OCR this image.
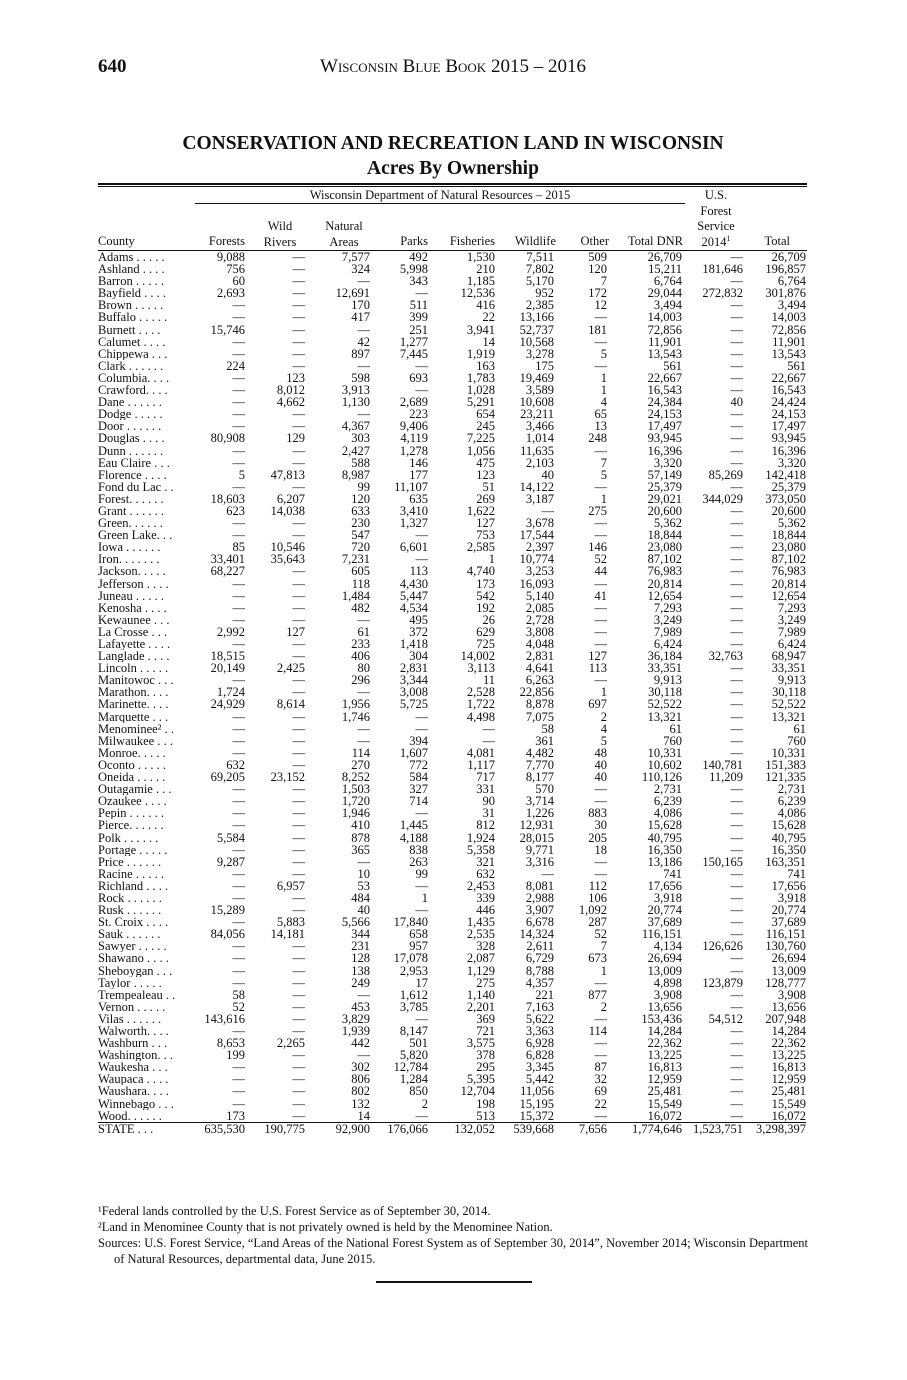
640	Wisconsin Blue Book 2015 – 2016
CONSERVATION AND RECREATION LAND IN WISCONSIN
Acres By Ownership
Wisconsin Department of Natural Resources – 2015
County	Forests
Wild
Rivers
Natural
Areas	Parks	Fisheries	Wildlife	Other	Total DNR
U.S.
Forest
Service
2014$^1$	Total
Adams . . . . .	9,088	—	7,577	492	1,530	7,511	509	26,709	—	26,709
Ashland . . . .	756	—	324	5,998	210	7,802	120	15,211	181,646	196,857
Barron . . . . .	60	—	—	343	1,185	5,170	7	6,764	—	6,764
Bayfield . . . .	2,693	—	12,691	—	12,536	952	172	29,044	272,832	301,876
Brown . . . . .	—	—	170	511	416	2,385	12	3,494	—	3,494
Buffalo . . . . .	—	—	417	399	22	13,166	—	14,003	—	14,003
Burnett . . . .	15,746	—	—	251	3,941	52,737	181	72,856	—	72,856
Calumet . . . .	—	—	42	1,277	14	10,568	—	11,901	—	11,901
Chippewa . . .	—	—	897	7,445	1,919	3,278	5	13,543	—	13,543
Clark . . . . . .	224	—	—	—	163	175	—	561	—	561
Columbia. . . .	—	123	598	693	1,783	19,469	1	22,667	—	22,667
Crawford. . . .	—	8,012	3,913	—	1,028	3,589	1	16,543	—	16,543
Dane . . . . . .	—	4,662	1,130	2,689	5,291	10,608	4	24,384	40	24,424
Dodge . . . . .	—	—	—	223	654	23,211	65	24,153	—	24,153
Door . . . . . .	—	—	4,367	9,406	245	3,466	13	17,497	—	17,497
Douglas . . . .	80,908	129	303	4,119	7,225	1,014	248	93,945	—	93,945
Dunn . . . . . .	—	—	2,427	1,278	1,056	11,635	—	16,396	—	16,396
Eau Claire . . .	—	—	588	146	475	2,103	7	3,320	—	3,320
Florence . . . .	5	47,813	8,987	177	123	40	5	57,149	85,269	142,418
Fond du Lac . .	—	—	99	11,107	51	14,122	—	25,379	—	25,379
Forest. . . . . .	18,603	6,207	120	635	269	3,187	1	29,021	344,029	373,050
Grant . . . . . .	623	14,038	633	3,410	1,622	—	275	20,600	—	20,600
Green. . . . . .	—	—	230	1,327	127	3,678	—	5,362	—	5,362
Green Lake. . .	—	—	547	—	753	17,544	—	18,844	—	18,844
Iowa . . . . . .	85	10,546	720	6,601	2,585	2,397	146	23,080	—	23,080
Iron. . . . . . .	33,401	35,643	7,231	—	1	10,774	52	87,102	—	87,102
Jackson. . . . .	68,227	—	605	113	4,740	3,253	44	76,983	—	76,983
Jefferson . . . .	—	—	118	4,430	173	16,093	—	20,814	—	20,814
Juneau . . . . .	—	—	1,484	5,447	542	5,140	41	12,654	—	12,654
Kenosha . . . .	—	—	482	4,534	192	2,085	—	7,293	—	7,293
Kewaunee . . .	—	—	—	495	26	2,728	—	3,249	—	3,249
La Crosse . . .	2,992	127	61	372	629	3,808	—	7,989	—	7,989
Lafayette . . . .	—	—	233	1,418	725	4,048	—	6,424	—	6,424
Langlade . . . .	18,515	—	406	304	14,002	2,831	127	36,184	32,763	68,947
Lincoln . . . . .	20,149	2,425	80	2,831	3,113	4,641	113	33,351	—	33,351
Manitowoc . . .	—	—	296	3,344	11	6,263	—	9,913	—	9,913
Marathon. . . .	1,724	—	—	3,008	2,528	22,856	1	30,118	—	30,118
Marinette. . . .	24,929	8,614	1,956	5,725	1,722	8,878	697	52,522	—	52,522
Marquette . . .	—	—	1,746	—	4,498	7,075	2	13,321	—	13,321
Menominee² . .	—	—	—	—	—	58	4	61	—	61
Milwaukee . . .	—	—	—	394	—	361	5	760	—	760
Monroe. . . . .	—	—	114	1,607	4,081	4,482	48	10,331	—	10,331
Oconto . . . . .	632	—	270	772	1,117	7,770	40	10,602	140,781	151,383
Oneida . . . . .	69,205	23,152	8,252	584	717	8,177	40	110,126	11,209	121,335
Outagamie . . .	—	—	1,503	327	331	570	—	2,731	—	2,731
Ozaukee . . . .	—	—	1,720	714	90	3,714	—	6,239	—	6,239
Pepin . . . . . .	—	—	1,946	—	31	1,226	883	4,086	—	4,086
Pierce. . . . . .	—	—	410	1,445	812	12,931	30	15,628	—	15,628
Polk . . . . . .	5,584	—	878	4,188	1,924	28,015	205	40,795	—	40,795
Portage . . . . .	—	—	365	838	5,358	9,771	18	16,350	—	16,350
Price . . . . . .	9,287	—	—	263	321	3,316	—	13,186	150,165	163,351
Racine . . . . .	—	—	10	99	632	—	—	741	—	741
Richland . . . .	—	6,957	53	—	2,453	8,081	112	17,656	—	17,656
Rock . . . . . .	—	—	484	1	339	2,988	106	3,918	—	3,918
Rusk . . . . . .	15,289	—	40	—	446	3,907	1,092	20,774	—	20,774
St. Croix . . . .	—	5,883	5,566	17,840	1,435	6,678	287	37,689	—	37,689
Sauk . . . . . .	84,056	14,181	344	658	2,535	14,324	52	116,151	—	116,151
Sawyer . . . . .	—	—	231	957	328	2,611	7	4,134	126,626	130,760
Shawano . . . .	—	—	128	17,078	2,087	6,729	673	26,694	—	26,694
Sheboygan . . .	—	—	138	2,953	1,129	8,788	1	13,009	—	13,009
Taylor . . . . .	—	—	249	17	275	4,357	—	4,898	123,879	128,777
Trempealeau . .	58	—	—	1,612	1,140	221	877	3,908	—	3,908
Vernon . . . . .	52	—	453	3,785	2,201	7,163	2	13,656	—	13,656
Vilas . . . . . .	143,616	—	3,829	—	369	5,622	—	153,436	54,512	207,948
Walworth. . . .	—	—	1,939	8,147	721	3,363	114	14,284	—	14,284
Washburn . . .	8,653	2,265	442	501	3,575	6,928	—	22,362	—	22,362
Washington. . .	199	—	—	5,820	378	6,828	—	13,225	—	13,225
Waukesha . . .	—	—	302	12,784	295	3,345	87	16,813	—	16,813
Waupaca . . . .	—	—	806	1,284	5,395	5,442	32	12,959	—	12,959
Waushara. . . .	—	—	802	850	12,704	11,056	69	25,481	—	25,481
Winnebago . . .	—	—	132	2	198	15,195	22	15,549	—	15,549
Wood. . . . . .	173	—	14	—	513	15,372	—	16,072	—	16,072
STATE . . .	635,530	190,775	92,900	176,066	132,052	539,668	7,656	1,774,646	1,523,751	3,298,397

¹Federal lands controlled by the U.S. Forest Service as of September 30, 2014.

²Land in Menominee County that is not privately owned is held by the Menominee Nation.

Sources: U.S. Forest Service, “Land Areas of the National Forest System as of September 30, 2014”, November 2014; Wisconsin Department of Natural Resources, departmental data, June 2015.
